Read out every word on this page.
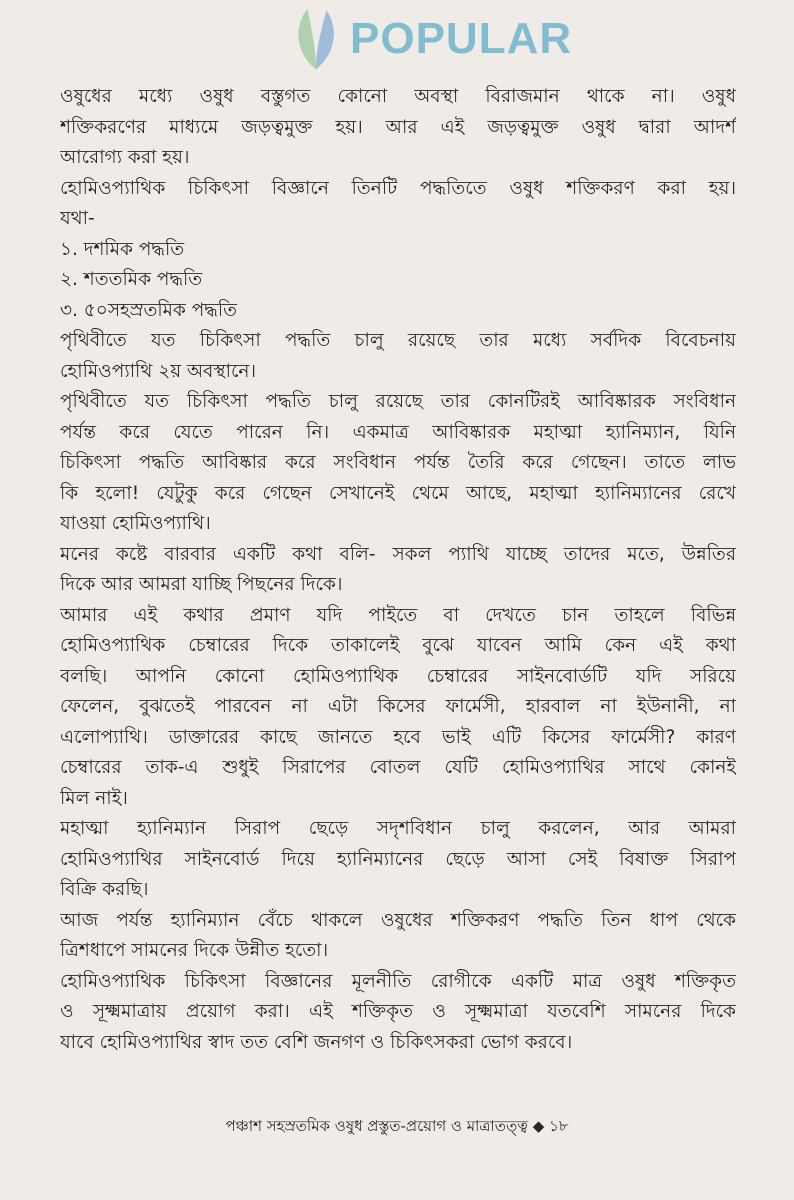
ওষুধের মধ্যে ওষুধ বস্তুগত কোনো অবস্থা বিরাজমান থাকে না। ওষুধ
শক্তিকরণের মাধ্যমে জড়ত্বমুক্ত হয়। আর এই জড়ত্বমুক্ত ওষুধ দ্বারা আদর্শ
আরোগ্য করা হয়।
হোমিওপ্যাথিক চিকিৎসা বিজ্ঞানে তিনটি পদ্ধতিতে ওষুধ শক্তিকরণ করা হয়।
যথা-
১. দশমিক পদ্ধতি
২. শততমিক পদ্ধতি
৩. ৫০সহস্রতমিক পদ্ধতি
পৃথিবীতে যত চিকিৎসা পদ্ধতি চালু রয়েছে তার মধ্যে সর্বদিক বিবেচনায়
হোমিওপ্যাথি ২য় অবস্থানে।
পৃথিবীতে যত চিকিৎসা পদ্ধতি চালু রয়েছে তার কোনটিরই আবিষ্কারক সংবিধান
পর্যন্ত করে যেতে পারেন নি। একমাত্র আবিষ্কারক মহাত্মা হ্যানিম্যান, যিনি
চিকিৎসা পদ্ধতি আবিষ্কার করে সংবিধান পর্যন্ত তৈরি করে গেছেন। তাতে লাভ
কি হলো! যেটুকু করে গেছেন সেখানেই থেমে আছে, মহাত্মা হ্যানিম্যানের রেখে
যাওয়া হোমিওপ্যাথি।
মনের কষ্টে বারবার একটি কথা বলি- সকল প্যাথি যাচ্ছে তাদের মতে, উন্নতির
দিকে আর আমরা যাচ্ছি পিছনের দিকে।
আমার এই কথার প্রমাণ যদি পাইতে বা দেখতে চান তাহলে বিভিন্ন
হোমিওপ্যাথিক চেম্বারের দিকে তাকালেই বুঝে যাবেন আমি কেন এই কথা
বলছি। আপনি কোনো হোমিওপ্যাথিক চেম্বারের সাইনবোর্ডটি যদি সরিয়ে
ফেলেন, বুঝতেই পারবেন না এটা কিসের ফার্মেসী, হারবাল না ইউনানী, না
এলোপ্যাথি। ডাক্তারের কাছে জানতে হবে ভাই এটি কিসের ফার্মেসী? কারণ
চেম্বারের তাক-এ শুধুই সিরাপের বোতল যেটি হোমিওপ্যাথির সাথে কোনই
মিল নাই।
মহাত্মা হ্যানিম্যান সিরাপ ছেড়ে সদৃশবিধান চালু করলেন, আর আমরা
হোমিওপ্যাথির সাইনবোর্ড দিয়ে হ্যানিম্যানের ছেড়ে আসা সেই বিষাক্ত সিরাপ
বিক্রি করছি।
আজ পর্যন্ত হ্যানিম্যান বেঁচে থাকলে ওষুধের শক্তিকরণ পদ্ধতি তিন ধাপ থেকে
ত্রিশধাপে সামনের দিকে উন্নীত হতো।
হোমিওপ্যাথিক চিকিৎসা বিজ্ঞানের মূলনীতি রোগীকে একটি মাত্র ওষুধ শক্তিকৃত
ও সূক্ষ্মমাত্রায় প্রয়োগ করা। এই শক্তিকৃত ও সূক্ষ্মমাত্রা যতবেশি সামনের দিকে
যাবে হোমিওপ্যাথির স্বাদ তত বেশি জনগণ ও চিকিৎসকরা ভোগ করবে।
POPULAR
পঞ্চাশ সহস্রতমিক ওষুধ প্রস্তুত-প্রয়োগ ও মাত্রাতত্ত্ব ◆ ১৮
